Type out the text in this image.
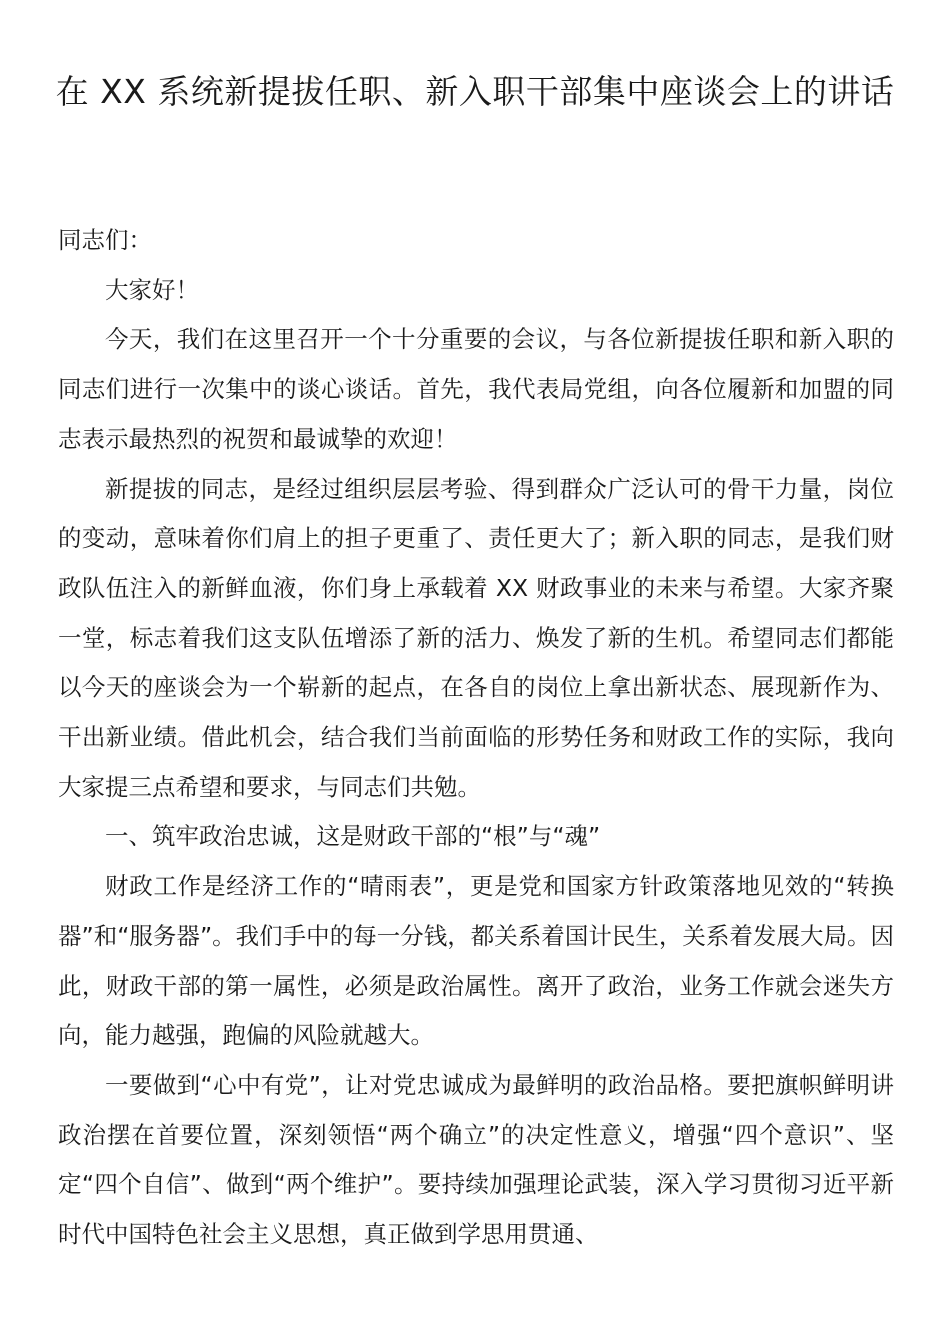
在 XX 系统新提拔任职、新入职干部集中座谈会上的讲话

同志们：

大家好！

今天，我们在这里召开一个十分重要的会议，与各位新提拔任职和新入职的同志们进行一次集中的谈心谈话。首先，我代表局党组，向各位履新和加盟的同志表示最热烈的祝贺和最诚挚的欢迎！

新提拔的同志，是经过组织层层考验、得到群众广泛认可的骨干力量，岗位的变动，意味着你们肩上的担子更重了、责任更大了；新入职的同志，是我们财政队伍注入的新鲜血液，你们身上承载着 XX 财政事业的未来与希望。大家齐聚一堂，标志着我们这支队伍增添了新的活力、焕发了新的生机。希望同志们都能以今天的座谈会为一个崭新的起点，在各自的岗位上拿出新状态、展现新作为、干出新业绩。借此机会，结合我们当前面临的形势任务和财政工作的实际，我向大家提三点希望和要求，与同志们共勉。

一、筑牢政治忠诚，这是财政干部的“根”与“魂”

财政工作是经济工作的“晴雨表”，更是党和国家方针政策落地见效的“转换器”和“服务器”。我们手中的每一分钱，都关系着国计民生，关系着发展大局。因此，财政干部的第一属性，必须是政治属性。离开了政治，业务工作就会迷失方向，能力越强，跑偏的风险就越大。

一要做到“心中有党”，让对党忠诚成为最鲜明的政治品格。要把旗帜鲜明讲政治摆在首要位置，深刻领悟“两个确立”的决定性意义，增强“四个意识”、坚定“四个自信”、做到“两个维护”。要持续加强理论武装，深入学习贯彻习近平新时代中国特色社会主义思想，真正做到学思用贯通、
